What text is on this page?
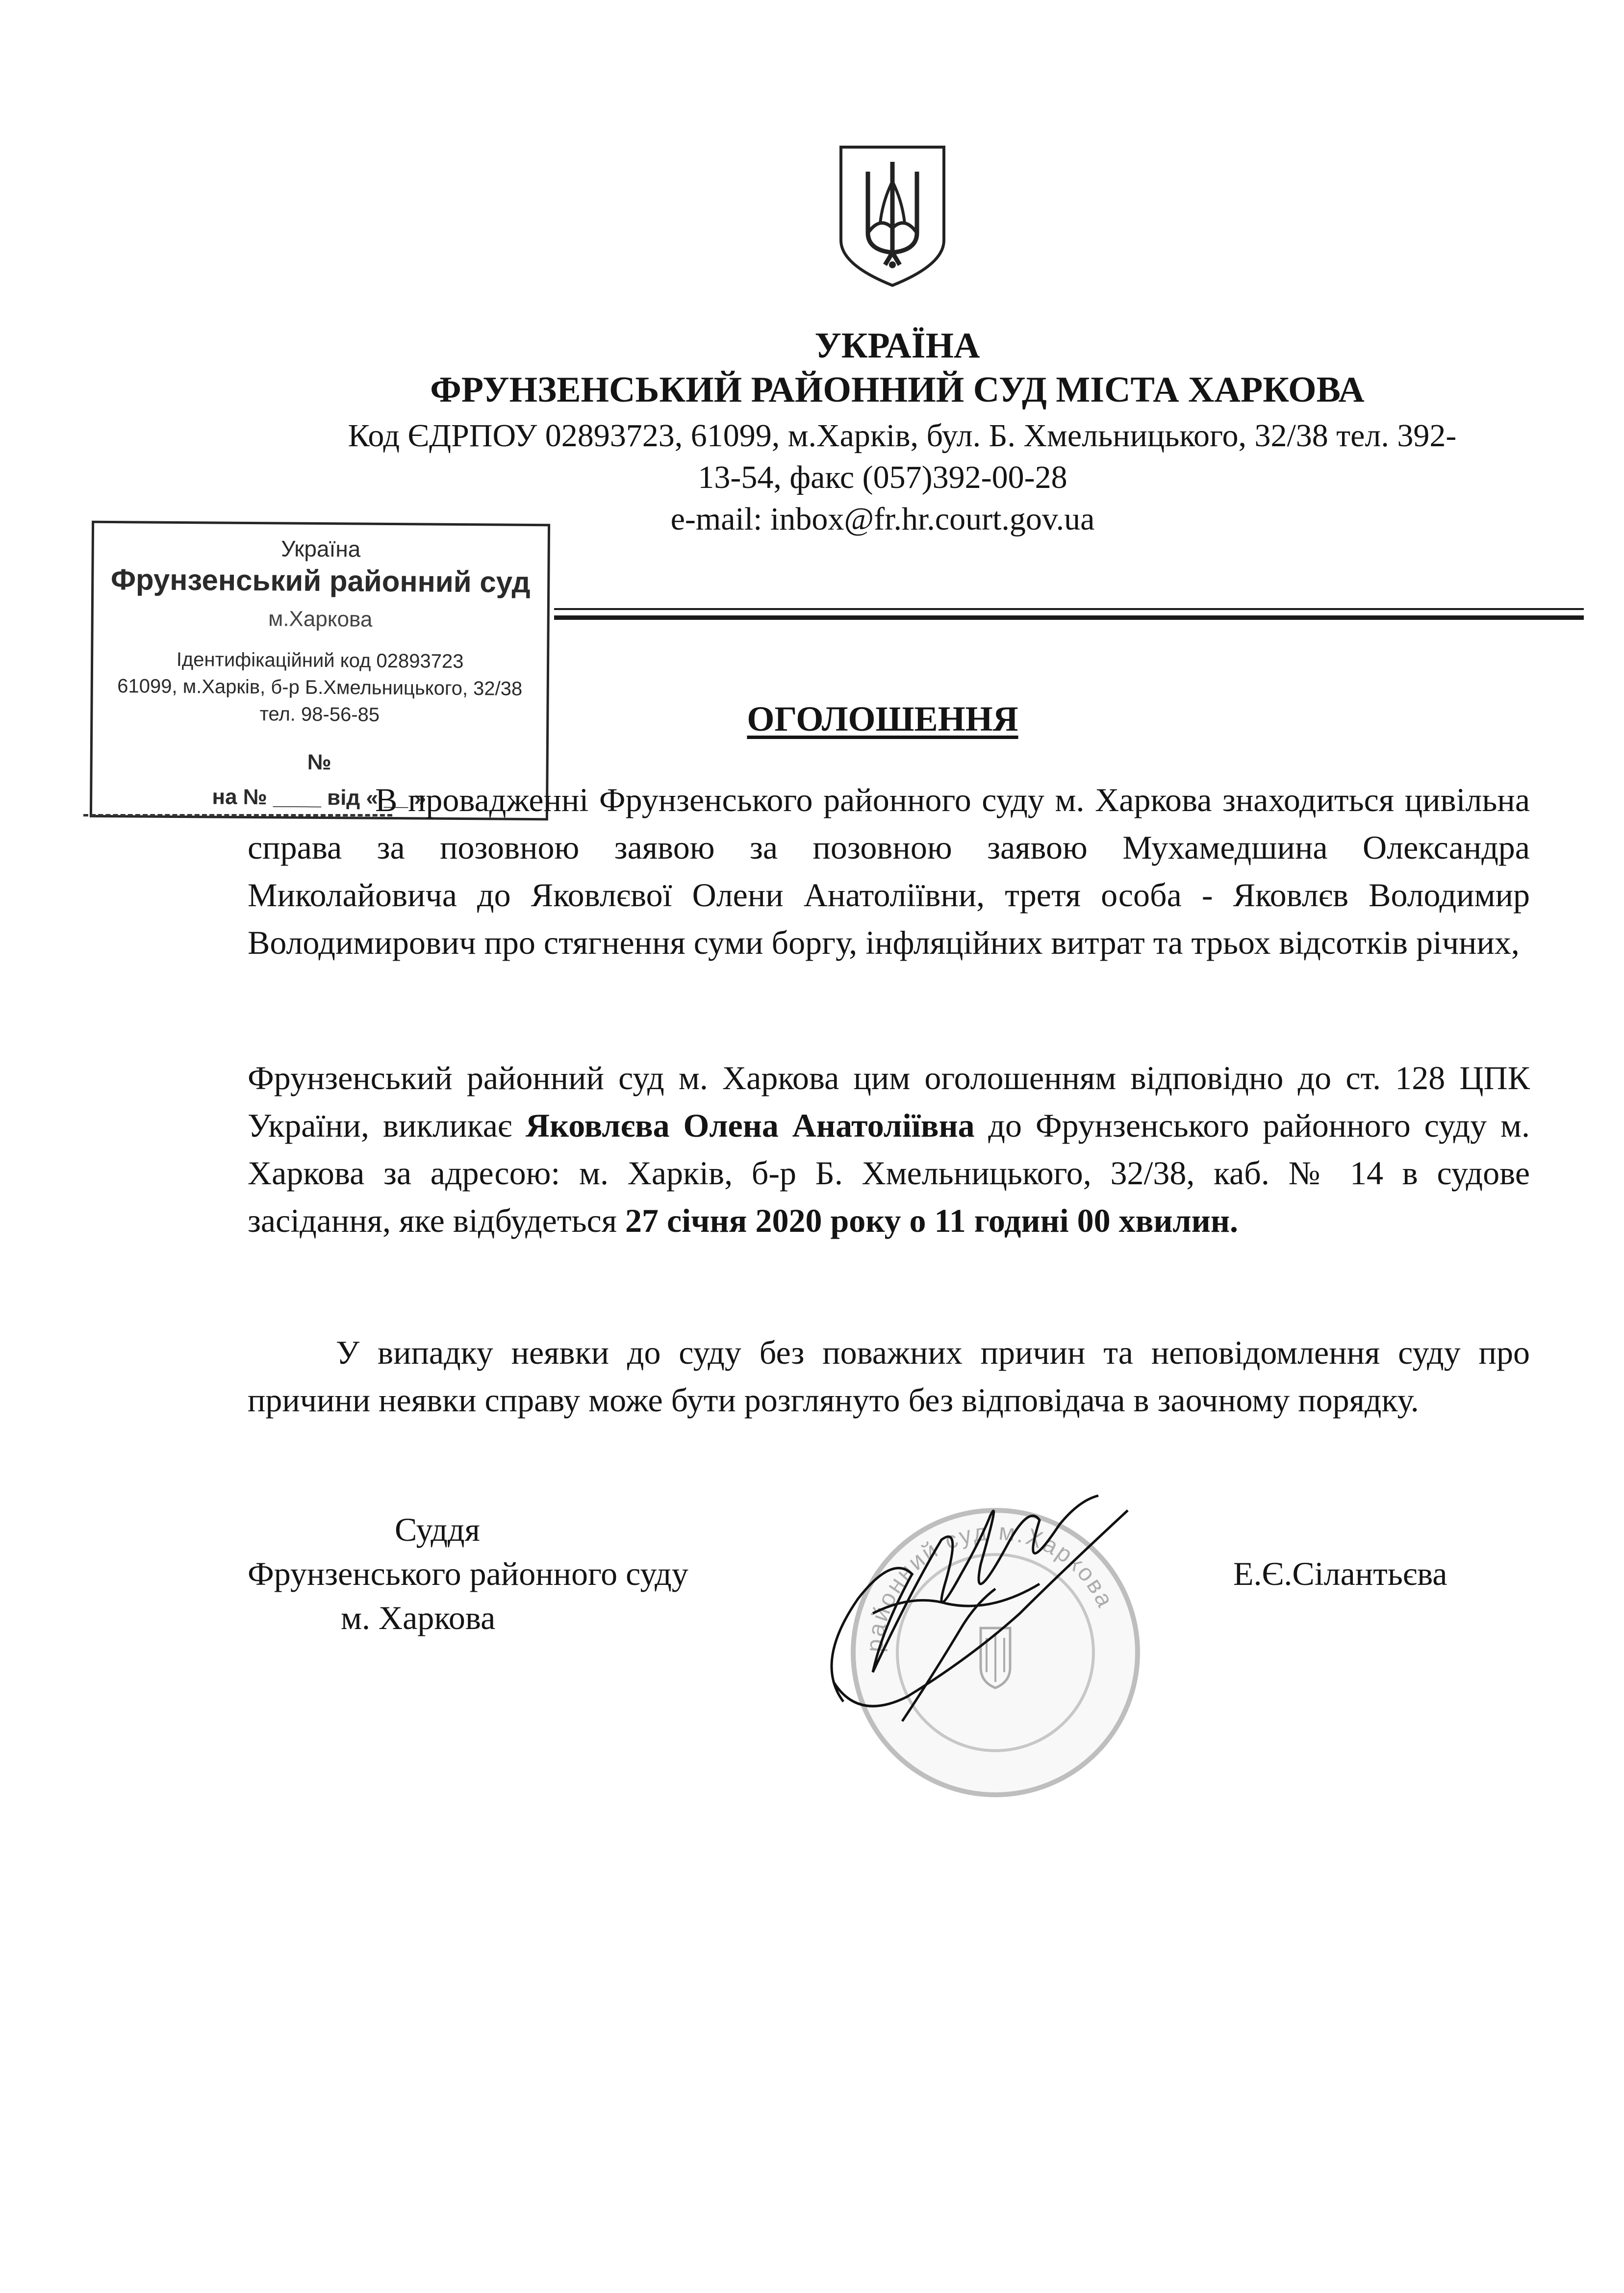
УКРАЇНА
ФРУНЗЕНСЬКИЙ РАЙОННИЙ СУД МІСТА ХАРКОВА
Код ЄДРПОУ 02893723, 61099, м.Харків, бул. Б. Хмельницького, 32/38 тел. 392-
13-54, факс (057)392-00-28
e-mail: inbox@fr.hr.court.gov.ua
Україна
Фрунзенський районний суд
м.Харкова
Ідентифікаційний код 02893723
61099, м.Харків, б-р Б.Хмельницького, 32/38
тел. 98-56-85
№
на № ____ від « __ »
ОГОЛОШЕННЯ
В провадженні Фрунзенського районного суду м. Харкова знаходиться цивільна справа за позовною заявою за позовною заявою Мухамедшина Олександра Миколайовича до Яковлєвої Олени Анатоліївни, третя особа - Яковлєв Володимир Володимирович про стягнення суми боргу, інфляційних витрат та трьох відсотків річних,
Фрунзенський районний суд м. Харкова цим оголошенням відповідно до ст. 128 ЦПК України, викликає Яковлєва Олена Анатоліївна до Фрунзенського районного суду м. Харкова за адресою: м. Харків, б-р Б. Хмельницького, 32/38, каб. № 14 в судове засідання, яке відбудеться 27 січня 2020 року о 11 годині 00 хвилин.
У випадку неявки до суду без поважних причин та неповідомлення суду про причини неявки справу може бути розглянуто без відповідача в заочному порядку.
Суддя
Фрунзенського районного суду
м. Харкова
Е.Є.Сілантьєва
районний суд м.Харкова
